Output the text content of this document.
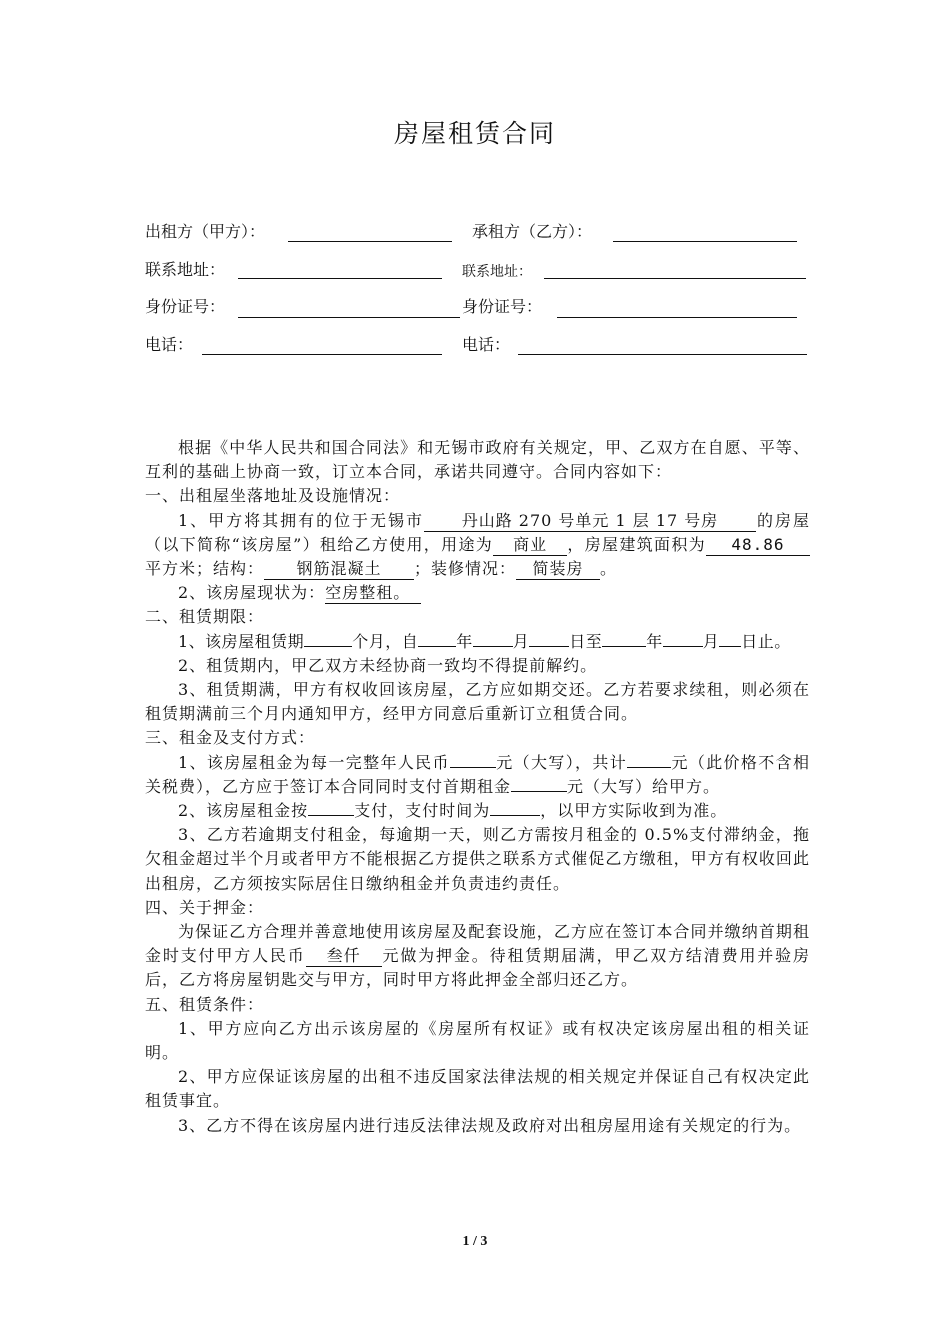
房屋租赁合同
出租方（甲方）：	承租方（乙方）：
联系地址：	联系地址：
身份证号：	身份证号：
电话：	电话：

根据《中华人民共和国合同法》和无锡市政府有关规定，甲、乙双方在自愿、平等、互利的基础上协商一致，订立本合同，承诺共同遵守。合同内容如下：

一、出租屋坐落地址及设施情况：

1、甲方将其拥有的位于无锡市 丹山路 270 号单元 1 层 17 号房 的房屋（以下简称“该房屋”）租给乙方使用，用途为 商业 ，房屋建筑面积为 48.86平方米；结构： 钢筋混凝土 ；装修情况： 简装房 。

2、该房屋现状为：空房整租。

二、租赁期限：

1、该房屋租赁期	个月，自 年	月	日至	年	月 日止。

2、租赁期内，甲乙双方未经协商一致均不得提前解约。

3、租赁期满，甲方有权收回该房屋，乙方应如期交还。乙方若要求续租，则必须在租赁期满前三个月内通知甲方，经甲方同意后重新订立租赁合同。

三、租金及支付方式：

1、该房屋租金为每一完整年人民币	元（大写），共计	元（此价格不含相关税费），乙方应于签订本合同同时支付首期租金	元（大写）给甲方。

2、该房屋租金按	支付，支付时间为	，以甲方实际收到为准。

3、乙方若逾期支付租金，每逾期一天，则乙方需按月租金的 0.5%支付滞纳金，拖欠租金超过半个月或者甲方不能根据乙方提供之联系方式催促乙方缴租，甲方有权收回此出租房，乙方须按实际居住日缴纳租金并负责违约责任。

四、关于押金：

为保证乙方合理并善意地使用该房屋及配套设施，乙方应在签订本合同并缴纳首期租金时支付甲方人民币 叁仟 元做为押金。待租赁期届满，甲乙双方结清费用并验房后，乙方将房屋钥匙交与甲方，同时甲方将此押金全部归还乙方。

五、租赁条件：

1、甲方应向乙方出示该房屋的《房屋所有权证》或有权决定该房屋出租的相关证明。

2、甲方应保证该房屋的出租不违反国家法律法规的相关规定并保证自己有权决定此租赁事宜。

3、乙方不得在该房屋内进行违反法律法规及政府对出租房屋用途有关规定的行为。

1 / 3
